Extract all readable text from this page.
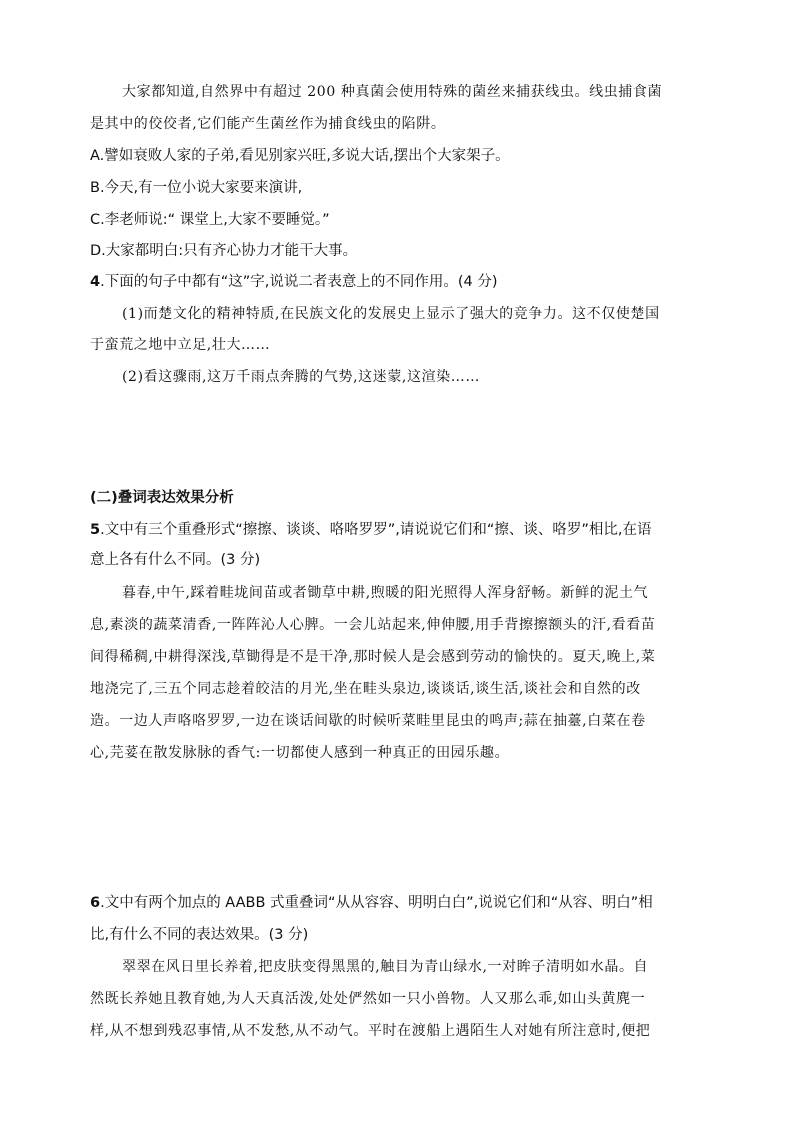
大家都知道,自然界中有超过 200 种真菌会使用特殊的菌丝来捕获线虫。线虫捕食菌
是其中的佼佼者,它们能产生菌丝作为捕食线虫的陷阱。
A.譬如衰败人家的子弟,看见别家兴旺,多说大话,摆出个大家架子。
B.今天,有一位小说大家要来演讲,
C.李老师说:“ 课堂上,大家不要睡觉。”
D.大家都明白:只有齐心协力才能干大事。
4.下面的句子中都有“这”字,说说二者表意上的不同作用。(4 分)
(1)而楚文化的精神特质,在民族文化的发展史上显示了强大的竞争力。这不仅使楚国
于蛮荒之地中立足,壮大……
(2)看这骤雨,这万千雨点奔腾的气势,这迷蒙,这渲染……
(二)叠词表达效果分析
5.文中有三个重叠形式“擦擦、谈谈、咯咯罗罗”,请说说它们和“擦、谈、咯罗”相比,在语
意上各有什么不同。(3 分)
暮春,中午,踩着畦垅间苗或者锄草中耕,煦暖的阳光照得人浑身舒畅。新鲜的泥土气
息,素淡的蔬菜清香,一阵阵沁人心脾。一会儿站起来,伸伸腰,用手背擦擦额头的汗,看看苗
间得稀稠,中耕得深浅,草锄得是不是干净,那时候人是会感到劳动的愉快的。夏天,晚上,菜
地浇完了,三五个同志趁着皎洁的月光,坐在畦头泉边,谈谈话,谈生活,谈社会和自然的改
造。一边人声咯咯罗罗,一边在谈话间歇的时候听菜畦里昆虫的鸣声;蒜在抽薹,白菜在卷
心,芫荽在散发脉脉的香气:一切都使人感到一种真正的田园乐趣。
6.文中有两个加点的 AABB 式重叠词“从从容容、明明白白”,说说它们和“从容、明白”相
比,有什么不同的表达效果。(3 分)
翠翠在风日里长养着,把皮肤变得黑黑的,触目为青山绿水,一对眸子清明如水晶。自
然既长养她且教育她,为人天真活泼,处处俨然如一只小兽物。人又那么乖,如山头黄麂一
样,从不想到残忍事情,从不发愁,从不动气。平时在渡船上遇陌生人对她有所注意时,便把
